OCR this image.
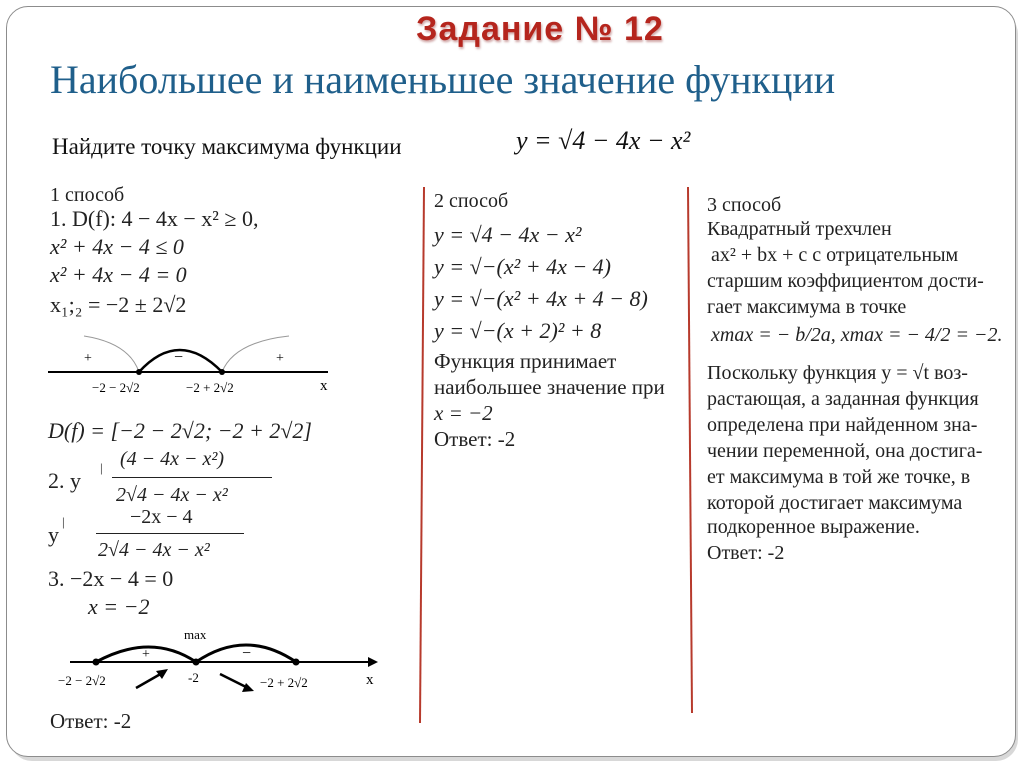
Задание № 12
Наибольшее и наименьшее значение функции
Найдите точку максимума функции	y = √4 − 4x − x²
1 способ
1. D(f): 4 − 4x − x² ≥ 0,
x² + 4x − 4 ≤ 0
x² + 4x − 4 = 0
x₁;₂ = −2 ± 2√2
+	−	+
−2 − 2√2	−2 + 2√2	x
D(f) = [−2 − 2√2; −2 + 2√2]
2. y
| (4 − 4x − x²)
2√4 − 4x − x²
y
|	−2x − 4
2√4 − 4x − x²
3. −2x − 4 = 0
x = −2
max
+	−
−2 − 2√2	-2	−2 + 2√2	x
Ответ: -2
2 способ
y = √4 − 4x − x²
y = √−(x² + 4x − 4)
y = √−(x² + 4x + 4 − 8)
y = √−(x + 2)² + 8
Функция принимает
наибольшее значение при
x = −2
Ответ: -2
3 способ
Квадратный трехчлен
ax² + bx + c с отрицательным
старшим коэффициентом дости-
гает максимума в точке
xmax = − b/2a, xmax = − 4/2 = −2.
Поскольку функция y = √t воз-
растающая, а заданная функция
определена при найденном зна-
чении переменной, она достига-
ет максимума в той же точке, в
которой достигает максимума
подкоренное выражение.
Ответ: -2
